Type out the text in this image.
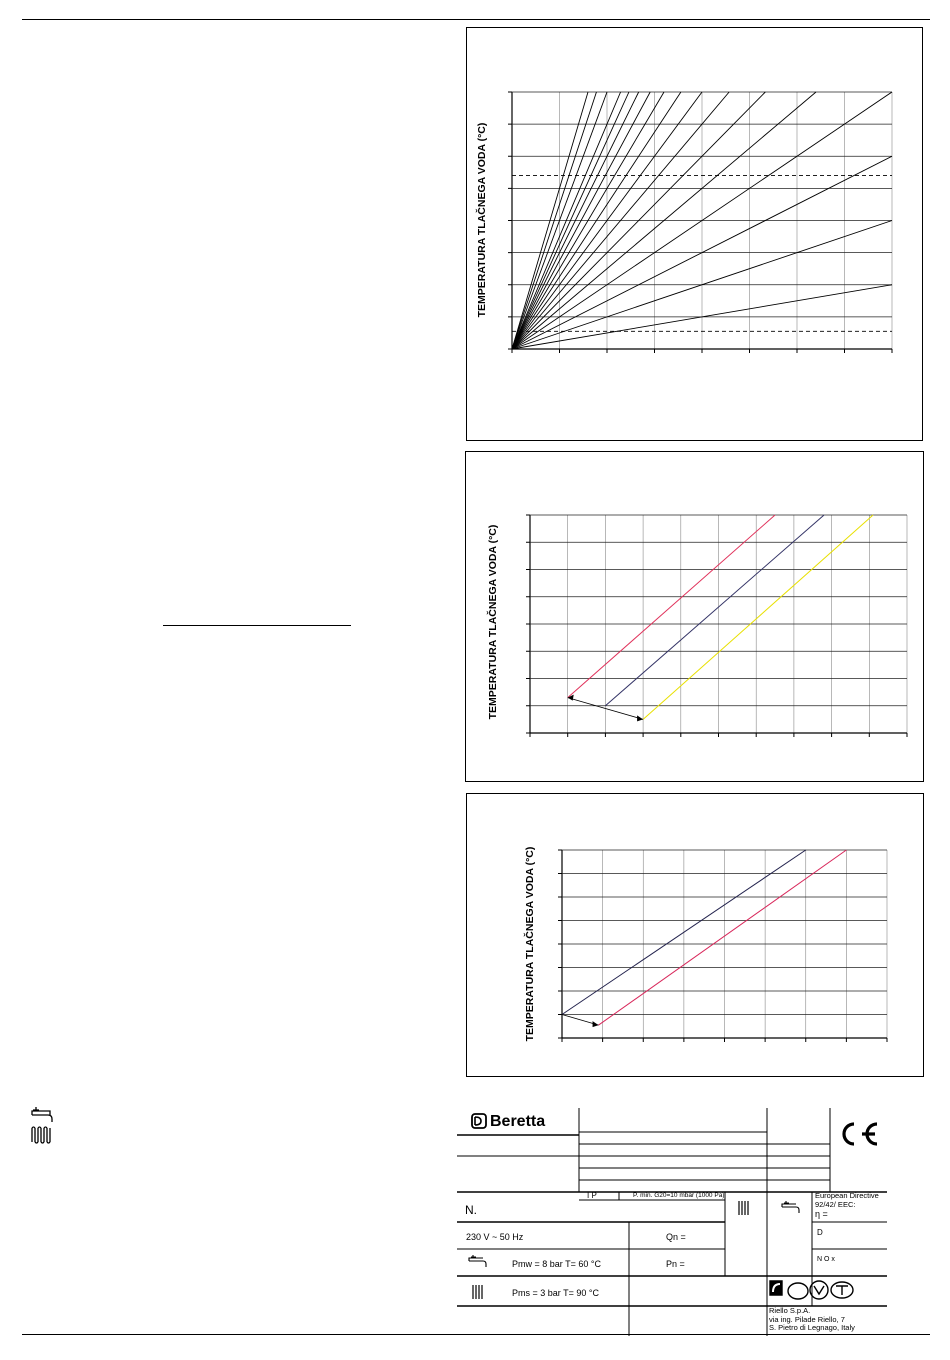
TEMPERATURA TLAČNEGA VODA (°C)
TEMPERATURA TLAČNEGA VODA (°C)
TEMPERATURA TLAČNEGA VODA (°C)
Beretta
I P	P. min. G20=10 mbar (1000 Pa)
N.
230 V ~ 50 Hz	Qn =
Pn =
Pmw = 8 bar T= 60 °C
Pms = 3 bar T= 90 °C
European Directive
92/42/ EEC:
η =
D
N O x
Riello S.p.A.
via ing. Pilade Riello, 7
S. Pietro di Legnago, Italy
